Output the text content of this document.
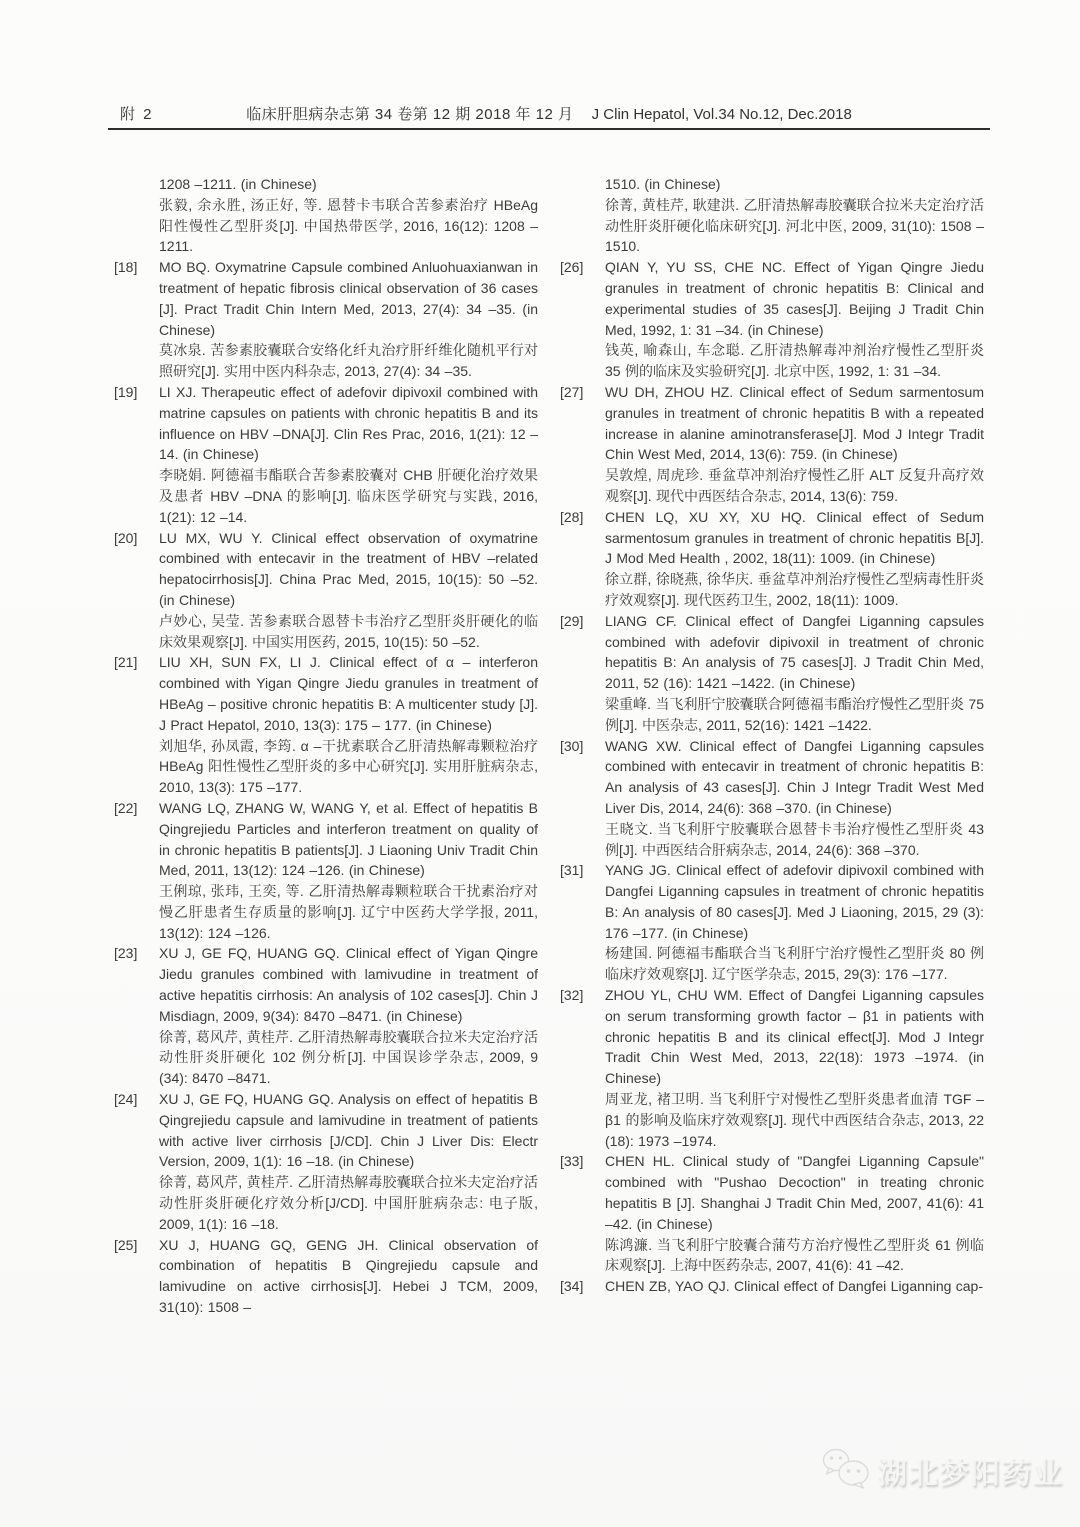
附 2	临床肝胆病杂志第 34 卷第 12 期 2018 年 12 月 J Clin Hepatol, Vol.34 No.12, Dec.2018

1208 –1211. (in Chinese)

张毅, 余永胜, 汤正好, 等. 恩替卡韦联合苦参素治疗 HBeAg 阳性慢性乙型肝炎[J]. 中国热带医学, 2016, 16(12): 1208 –1211.

[18]	MO BQ. Oxymatrine Capsule combined Anluohuaxianwan in treatment of hepatic fibrosis clinical observation of 36 cases [J]. Pract Tradit Chin Intern Med, 2013, 27(4): 34 –35. (in Chinese)

莫冰泉. 苦参素胶囊联合安络化纤丸治疗肝纤维化随机平行对照研究[J]. 实用中医内科杂志, 2013, 27(4): 34 –35.

[19]	LI XJ. Therapeutic effect of adefovir dipivoxil combined with matrine capsules on patients with chronic hepatitis B and its influence on HBV –DNA[J]. Clin Res Prac, 2016, 1(21): 12 –14. (in Chinese)

李晓娟. 阿德福韦酯联合苦参素胶囊对 CHB 肝硬化治疗效果及患者 HBV –DNA 的影响[J]. 临床医学研究与实践, 2016, 1(21): 12 –14.

[20]	LU MX, WU Y. Clinical effect observation of oxymatrine combined with entecavir in the treatment of HBV –related hepatocirrhosis[J]. China Prac Med, 2015, 10(15): 50 –52. (in Chinese)

卢妙心, 吴莹. 苦参素联合恩替卡韦治疗乙型肝炎肝硬化的临床效果观察[J]. 中国实用医药, 2015, 10(15): 50 –52.

[21]	LIU XH, SUN FX, LI J. Clinical effect of α – interferon combined with Yigan Qingre Jiedu granules in treatment of HBeAg – positive chronic hepatitis B: A multicenter study [J]. J Pract Hepatol, 2010, 13(3): 175 – 177. (in Chinese)

刘旭华, 孙凤霞, 李筠. α –干扰素联合乙肝清热解毒颗粒治疗 HBeAg 阳性慢性乙型肝炎的多中心研究[J]. 实用肝脏病杂志, 2010, 13(3): 175 –177.

[22]	WANG LQ, ZHANG W, WANG Y, et al. Effect of hepatitis B Qingrejiedu Particles and interferon treatment on quality of in chronic hepatitis B patients[J]. J Liaoning Univ Tradit Chin Med, 2011, 13(12): 124 –126. (in Chinese)

王俐琼, 张玮, 王奕, 等. 乙肝清热解毒颗粒联合干扰素治疗对慢乙肝患者生存质量的影响[J]. 辽宁中医药大学学报, 2011, 13(12): 124 –126.

[23]	XU J, GE FQ, HUANG GQ. Clinical effect of Yigan Qingre Jiedu granules combined with lamivudine in treatment of active hepatitis cirrhosis: An analysis of 102 cases[J]. Chin J Misdiagn, 2009, 9(34): 8470 –8471. (in Chinese)

徐菁, 葛风芹, 黄桂芹. 乙肝清热解毒胶囊联合拉米夫定治疗活动性肝炎肝硬化 102 例分析[J]. 中国误诊学杂志, 2009, 9 (34): 8470 –8471.

[24]	XU J, GE FQ, HUANG GQ. Analysis on effect of hepatitis B Qingrejiedu capsule and lamivudine in treatment of patients with active liver cirrhosis [J/CD]. Chin J Liver Dis: Electr Version, 2009, 1(1): 16 –18. (in Chinese)

徐菁, 葛风芹, 黄桂芹. 乙肝清热解毒胶囊联合拉米夫定治疗活动性肝炎肝硬化疗效分析[J/CD]. 中国肝脏病杂志: 电子版, 2009, 1(1): 16 –18.

[25]	XU J, HUANG GQ, GENG JH. Clinical observation of combination of hepatitis B Qingrejiedu capsule and lamivudine on active cirrhosis[J]. Hebei J TCM, 2009, 31(10): 1508 –

1510. (in Chinese)

徐菁, 黄桂芹, 耿建洪. 乙肝清热解毒胶囊联合拉米夫定治疗活动性肝炎肝硬化临床研究[J]. 河北中医, 2009, 31(10): 1508 –1510.

[26]	QIAN Y, YU SS, CHE NC. Effect of Yigan Qingre Jiedu granules in treatment of chronic hepatitis B: Clinical and experimental studies of 35 cases[J]. Beijing J Tradit Chin Med, 1992, 1: 31 –34. (in Chinese)

钱英, 喻森山, 车念聪. 乙肝清热解毒冲剂治疗慢性乙型肝炎 35 例的临床及实验研究[J]. 北京中医, 1992, 1: 31 –34.

[27]	WU DH, ZHOU HZ. Clinical effect of Sedum sarmentosum granules in treatment of chronic hepatitis B with a repeated increase in alanine aminotransferase[J]. Mod J Integr Tradit Chin West Med, 2014, 13(6): 759. (in Chinese)

吴敦煌, 周虎珍. 垂盆草冲剂治疗慢性乙肝 ALT 反复升高疗效观察[J]. 现代中西医结合杂志, 2014, 13(6): 759.

[28]	CHEN LQ, XU XY, XU HQ. Clinical effect of Sedum sarmentosum granules in treatment of chronic hepatitis B[J]. J Mod Med Health , 2002, 18(11): 1009. (in Chinese)

徐立群, 徐晓燕, 徐华庆. 垂盆草冲剂治疗慢性乙型病毒性肝炎疗效观察[J]. 现代医药卫生, 2002, 18(11): 1009.

[29]	LIANG CF. Clinical effect of Dangfei Liganning capsules combined with adefovir dipivoxil in treatment of chronic hepatitis B: An analysis of 75 cases[J]. J Tradit Chin Med, 2011, 52 (16): 1421 –1422. (in Chinese)

梁重峰. 当飞利肝宁胶囊联合阿德福韦酯治疗慢性乙型肝炎 75 例[J]. 中医杂志, 2011, 52(16): 1421 –1422.

[30]	WANG XW. Clinical effect of Dangfei Liganning capsules combined with entecavir in treatment of chronic hepatitis B: An analysis of 43 cases[J]. Chin J Integr Tradit West Med Liver Dis, 2014, 24(6): 368 –370. (in Chinese)

王晓文. 当飞利肝宁胶囊联合恩替卡韦治疗慢性乙型肝炎 43 例[J]. 中西医结合肝病杂志, 2014, 24(6): 368 –370.

[31]	YANG JG. Clinical effect of adefovir dipivoxil combined with Dangfei Liganning capsules in treatment of chronic hepatitis B: An analysis of 80 cases[J]. Med J Liaoning, 2015, 29 (3): 176 –177. (in Chinese)

杨建国. 阿德福韦酯联合当飞利肝宁治疗慢性乙型肝炎 80 例临床疗效观察[J]. 辽宁医学杂志, 2015, 29(3): 176 –177.

[32]	ZHOU YL, CHU WM. Effect of Dangfei Liganning capsules on serum transforming growth factor – β1 in patients with chronic hepatitis B and its clinical effect[J]. Mod J Integr Tradit Chin West Med, 2013, 22(18): 1973 –1974. (in Chinese)

周亚龙, 褚卫明. 当飞利肝宁对慢性乙型肝炎患者血清 TGF – β1 的影响及临床疗效观察[J]. 现代中西医结合杂志, 2013, 22 (18): 1973 –1974.

[33]	CHEN HL. Clinical study of "Dangfei Liganning Capsule" combined with "Pushao Decoction" in treating chronic hepatitis B [J]. Shanghai J Tradit Chin Med, 2007, 41(6): 41 –42. (in Chinese)

陈鸿濂. 当飞利肝宁胶囊合蒲芍方治疗慢性乙型肝炎 61 例临床观察[J]. 上海中医药杂志, 2007, 41(6): 41 –42.

[34]	CHEN ZB, YAO QJ. Clinical effect of Dangfei Liganning cap-

湖北梦阳药业
